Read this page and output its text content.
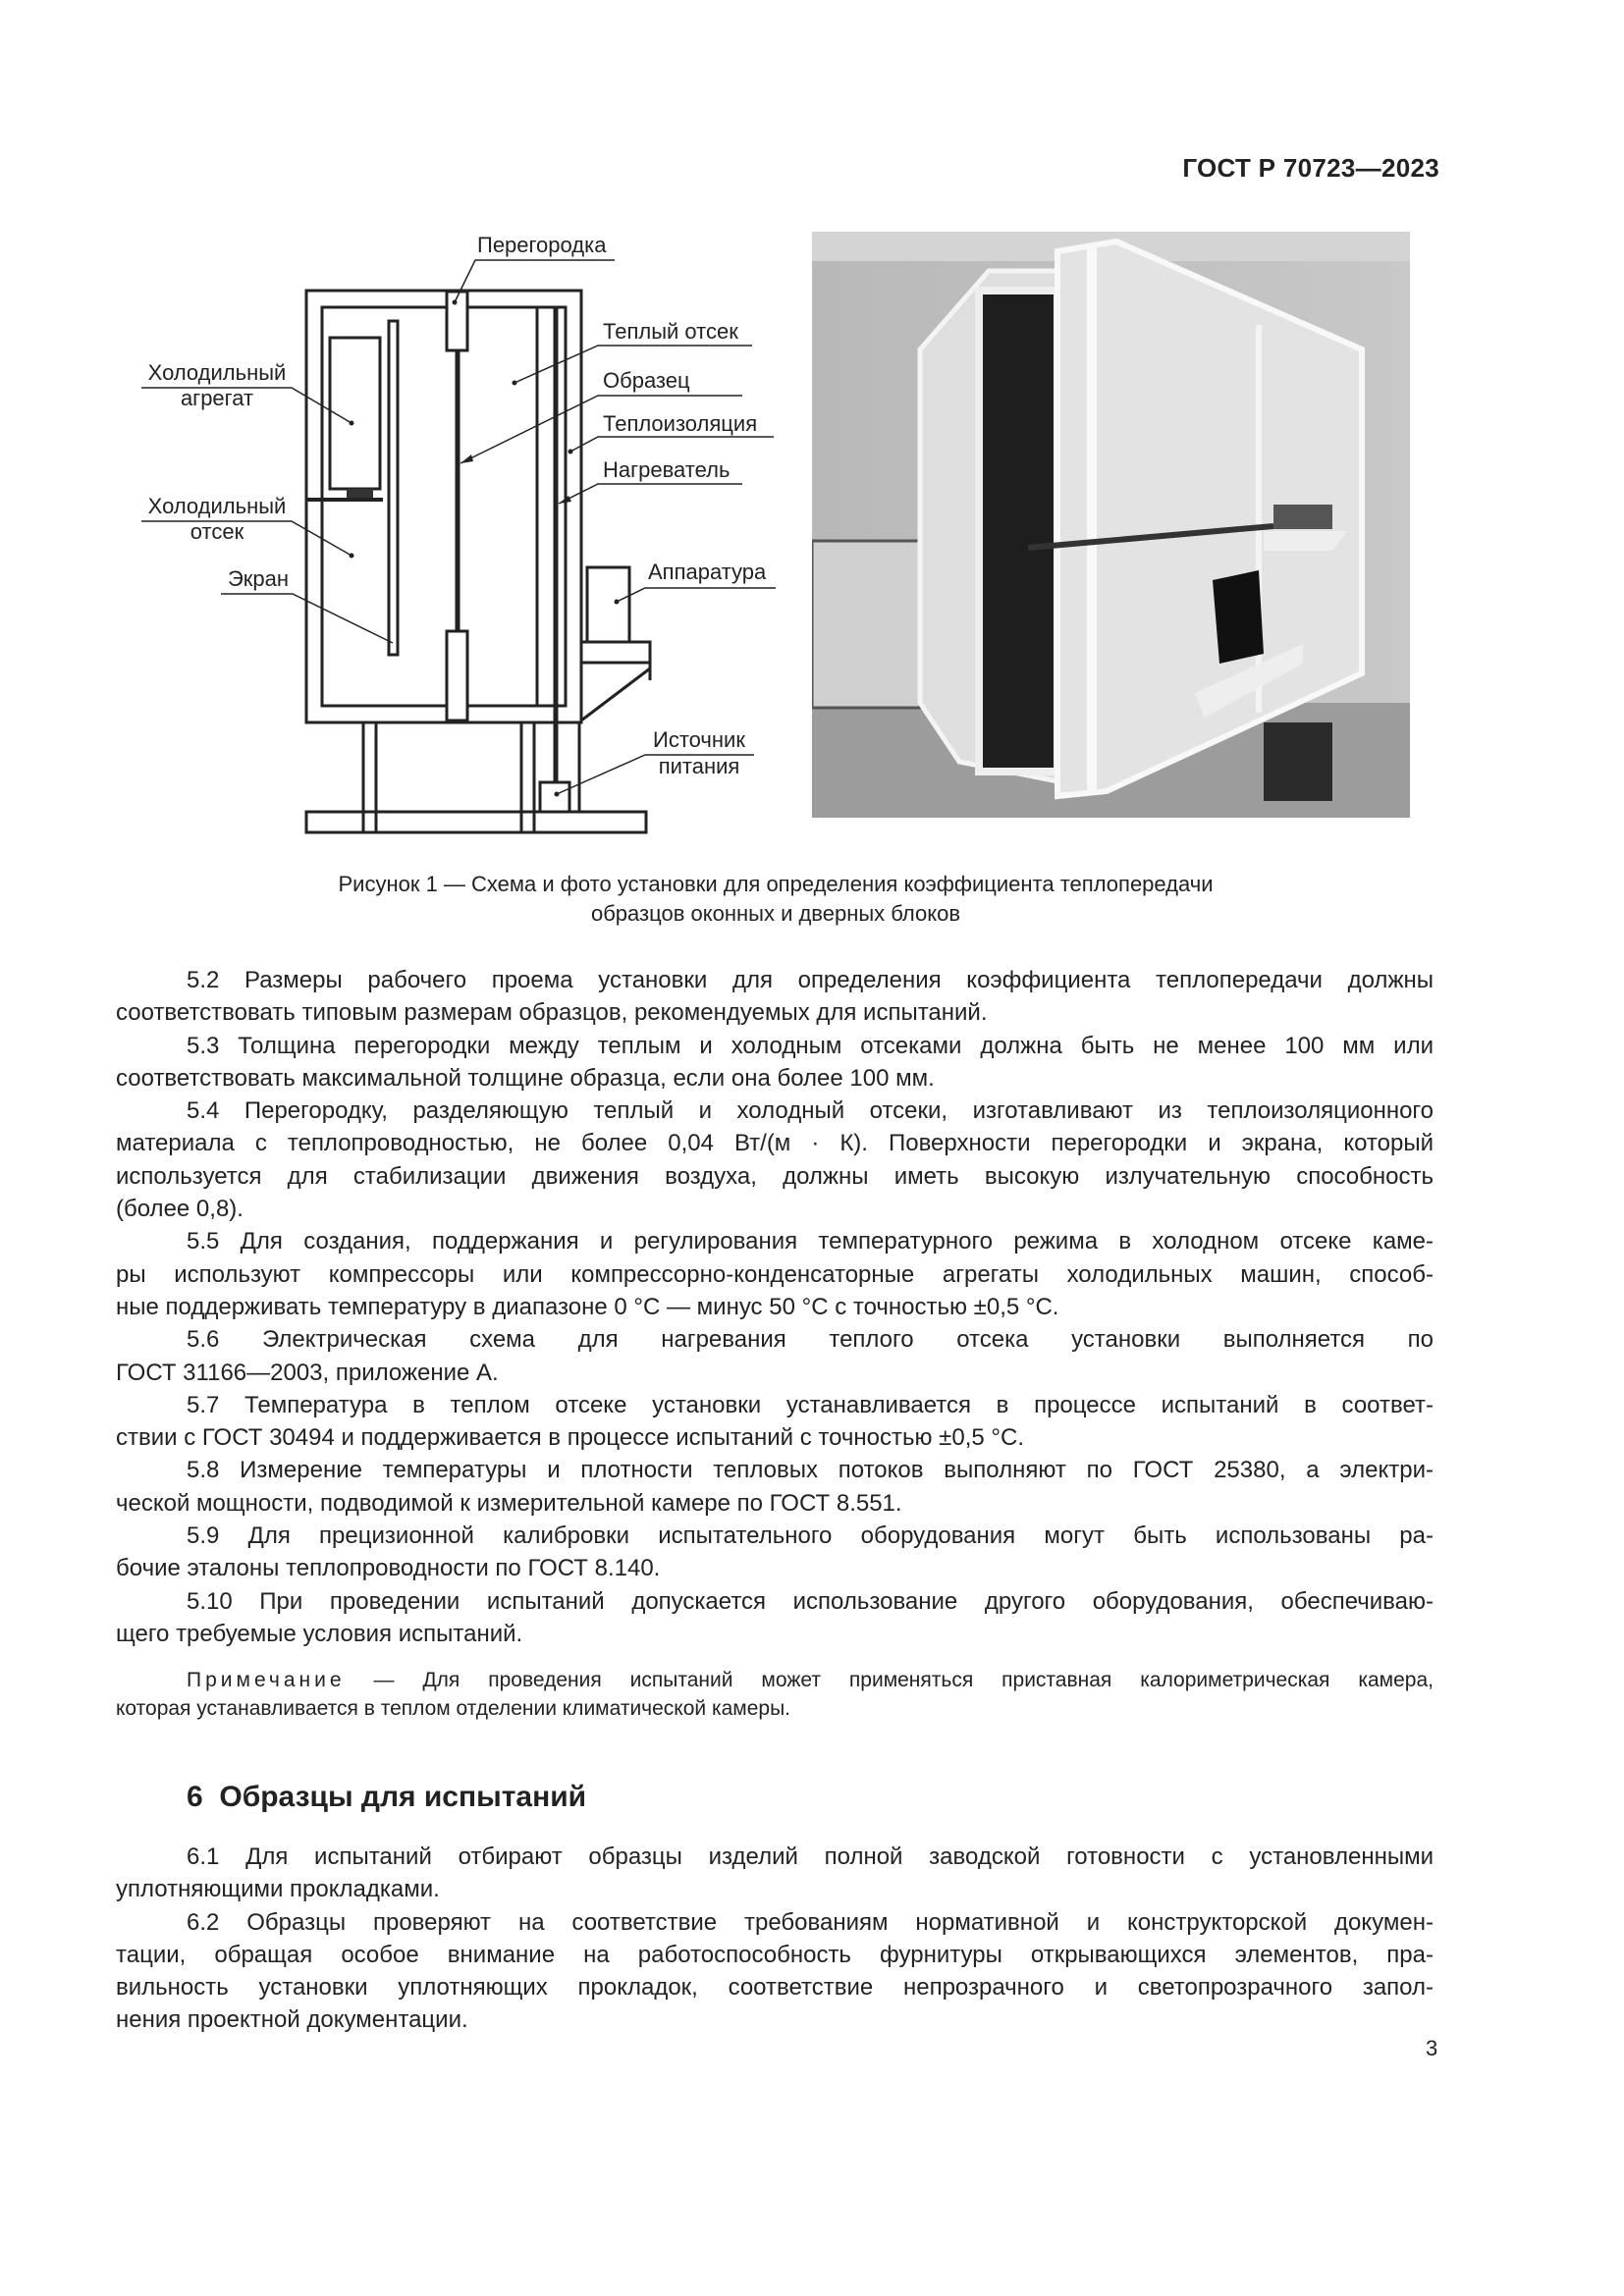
ГОСТ Р 70723—2023
Перегородка
Теплый отсек
Образец
Теплоизоляция
Нагреватель
Аппаратура
Источник
питания
Холодильный
агрегат
Холодильный
отсек
Экран
Рисунок 1 — Схема и фото установки для определения коэффициента теплопередачи
образцов оконных и дверных блоков
5.2 Размеры рабочего проема установки для определения коэффициента теплопередачи должны
соответствовать типовым размерам образцов, рекомендуемых для испытаний.
5.3 Толщина перегородки между теплым и холодным отсеками должна быть не менее 100 мм или
соответствовать максимальной толщине образца, если она более 100 мм.
5.4 Перегородку, разделяющую теплый и холодный отсеки, изготавливают из теплоизоляционного
материала с теплопроводностью, не более 0,04 Вт/(м · К). Поверхности перегородки и экрана, который
используется для стабилизации движения воздуха, должны иметь высокую излучательную способность
(более 0,8).
5.5 Для создания, поддержания и регулирования температурного режима в холодном отсеке каме-
ры используют компрессоры или компрессорно-конденсаторные агрегаты холодильных машин, способ-
ные поддерживать температуру в диапазоне 0 °С — минус 50 °С с точностью ±0,5 °С.
5.6 Электрическая схема для нагревания теплого отсека установки выполняется по
ГОСТ 31166—2003, приложение А.
5.7 Температура в теплом отсеке установки устанавливается в процессе испытаний в соответ-
ствии с ГОСТ 30494 и поддерживается в процессе испытаний с точностью ±0,5 °С.
5.8 Измерение температуры и плотности тепловых потоков выполняют по ГОСТ 25380, а электри-
ческой мощности, подводимой к измерительной камере по ГОСТ 8.551.
5.9 Для прецизионной калибровки испытательного оборудования могут быть использованы ра-
бочие эталоны теплопроводности по ГОСТ 8.140.
5.10 При проведении испытаний допускается использование другого оборудования, обеспечиваю-
щего требуемые условия испытаний.
Примечание — Для проведения испытаний может применяться приставная калориметрическая камера,
которая устанавливается в теплом отделении климатической камеры.
6  Образцы для испытаний
6.1 Для испытаний отбирают образцы изделий полной заводской готовности с установленными
уплотняющими прокладками.
6.2 Образцы проверяют на соответствие требованиям нормативной и конструкторской докумен-
тации, обращая особое внимание на работоспособность фурнитуры открывающихся элементов, пра-
вильность установки уплотняющих прокладок, соответствие непрозрачного и светопрозрачного запол-
нения проектной документации.
3
